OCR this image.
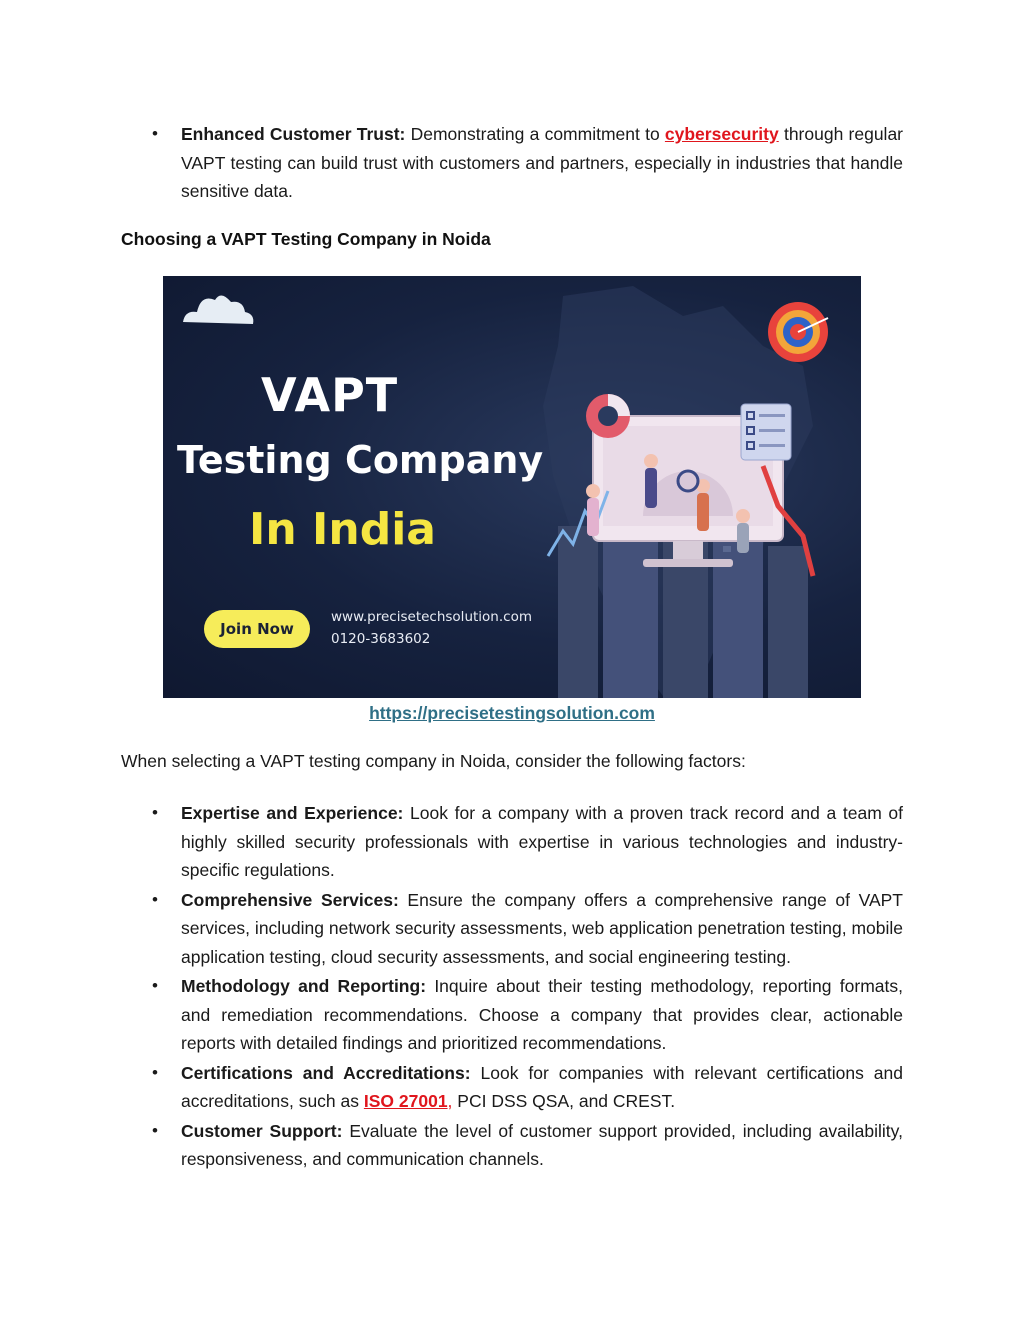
• Enhanced Customer Trust: Demonstrating a commitment to cybersecurity through regular VAPT testing can build trust with customers and partners, especially in industries that handle sensitive data.
Choosing a VAPT Testing Company in Noida
VAPT
Testing Company
In India
Join Now
www.precisetechsolution.com
0120-3683602
https://precisetestingsolution.com
When selecting a VAPT testing company in Noida, consider the following factors:
• Expertise and Experience: Look for a company with a proven track record and a team of highly skilled security professionals with expertise in various technologies and industry-specific regulations.
• Comprehensive Services: Ensure the company offers a comprehensive range of VAPT services, including network security assessments, web application penetration testing, mobile application testing, cloud security assessments, and social engineering testing.
• Methodology and Reporting: Inquire about their testing methodology, reporting formats, and remediation recommendations. Choose a company that provides clear, actionable reports with detailed findings and prioritized recommendations.
• Certifications and Accreditations: Look for companies with relevant certifications and accreditations, such as ISO 27001, PCI DSS QSA, and CREST.
• Customer Support: Evaluate the level of customer support provided, including availability, responsiveness, and communication channels.
